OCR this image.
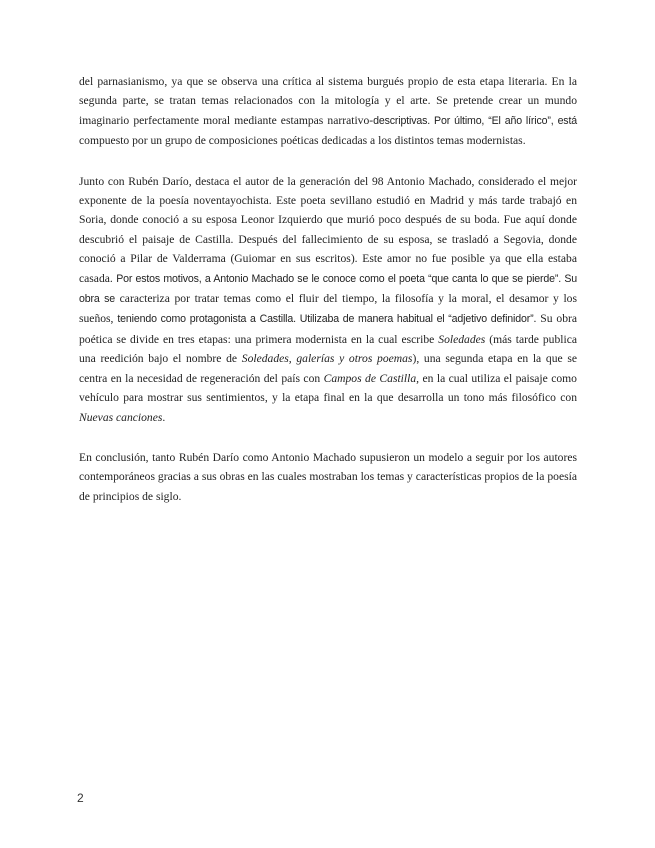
del parnasianismo, ya que se observa una crítica al sistema burgués propio de esta etapa literaria. En la segunda parte, se tratan temas relacionados con la mitología y el arte. Se pretende crear un mundo imaginario perfectamente moral mediante estampas narrativo-descriptivas. Por último, “El año lírico”, está compuesto por un grupo de composiciones poéticas dedicadas a los distintos temas modernistas.

Junto con Rubén Darío, destaca el autor de la generación del 98 Antonio Machado, considerado el mejor exponente de la poesía noventayochista. Este poeta sevillano estudió en Madrid y más tarde trabajó en Soria, donde conoció a su esposa Leonor Izquierdo que murió poco después de su boda. Fue aquí donde descubrió el paisaje de Castilla. Después del fallecimiento de su esposa, se trasladó a Segovia, donde conoció a Pilar de Valderrama (Guiomar en sus escritos). Este amor no fue posible ya que ella estaba casada. Por estos motivos, a Antonio Machado se le conoce como el poeta “que canta lo que se pierde”. Su obra se caracteriza por tratar temas como el fluir del tiempo, la filosofía y la moral, el desamor y los sueños, teniendo como protagonista a Castilla. Utilizaba de manera habitual el “adjetivo definidor”. Su obra poética se divide en tres etapas: una primera modernista en la cual escribe Soledades (más tarde publica una reedición bajo el nombre de Soledades, galerías y otros poemas), una segunda etapa en la que se centra en la necesidad de regeneración del país con Campos de Castilla, en la cual utiliza el paisaje como vehículo para mostrar sus sentimientos, y la etapa final en la que desarrolla un tono más filosófico con Nuevas canciones.

En conclusión, tanto Rubén Darío como Antonio Machado supusieron un modelo a seguir por los autores contemporáneos gracias a sus obras en las cuales mostraban los temas y características propios de la poesía de principios de siglo.

2
